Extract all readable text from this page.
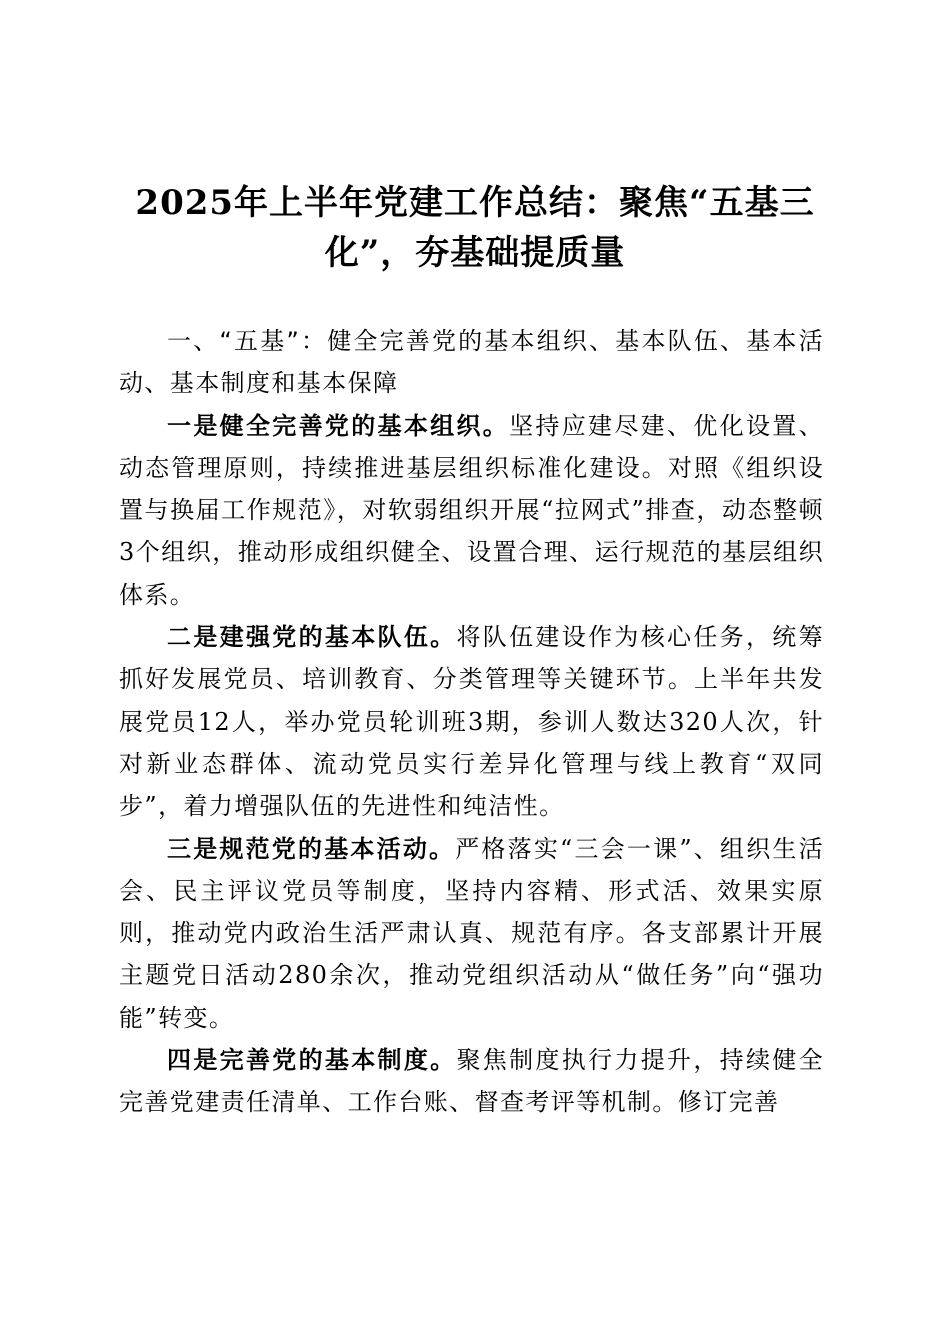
2025年上半年党建工作总结：聚焦“五基三化”，夯基础提质量

一、“五基”：健全完善党的基本组织、基本队伍、基本活动、基本制度和基本保障

一是健全完善党的基本组织。坚持应建尽建、优化设置、动态管理原则，持续推进基层组织标准化建设。对照《组织设置与换届工作规范》，对软弱组织开展“拉网式”排查，动态整顿3个组织，推动形成组织健全、设置合理、运行规范的基层组织体系。

二是建强党的基本队伍。将队伍建设作为核心任务，统筹抓好发展党员、培训教育、分类管理等关键环节。上半年共发展党员12人，举办党员轮训班3期，参训人数达320人次，针对新业态群体、流动党员实行差异化管理与线上教育“双同步”，着力增强队伍的先进性和纯洁性。

三是规范党的基本活动。严格落实“三会一课”、组织生活会、民主评议党员等制度，坚持内容精、形式活、效果实原则，推动党内政治生活严肃认真、规范有序。各支部累计开展主题党日活动280余次，推动党组织活动从“做任务”向“强功能”转变。

四是完善党的基本制度。聚焦制度执行力提升，持续健全完善党建责任清单、工作台账、督查考评等机制。修订完善
